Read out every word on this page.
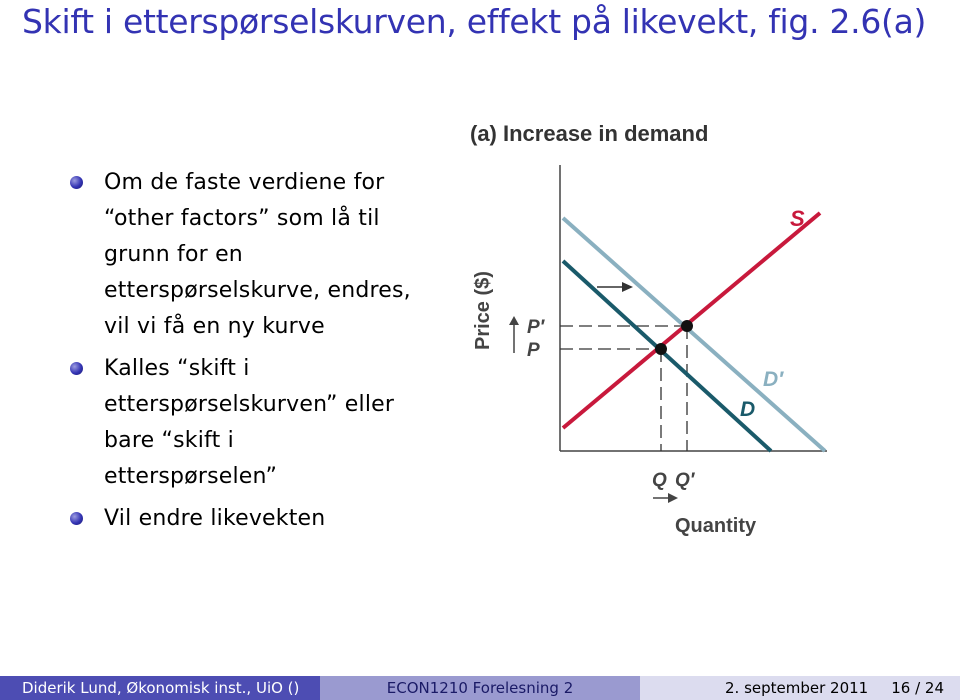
Skift i etterspørselskurven, effekt på likevekt, fig. 2.6(a)
Om de faste verdiene for
“other factors” som lå til
grunn for en
etterspørselskurve, endres,
vil vi få en ny kurve
Kalles “skift i
etterspørselskurven” eller
bare “skift i
etterspørselen”
Vil endre likevekten
(a) Increase in demand
Price ($) P′
P
S
D′
D
Q Q′
Quantity
Diderik Lund, Økonomisk inst., UiO ()	ECON1210 Forelesning 2	2. september 2011 16 / 24
